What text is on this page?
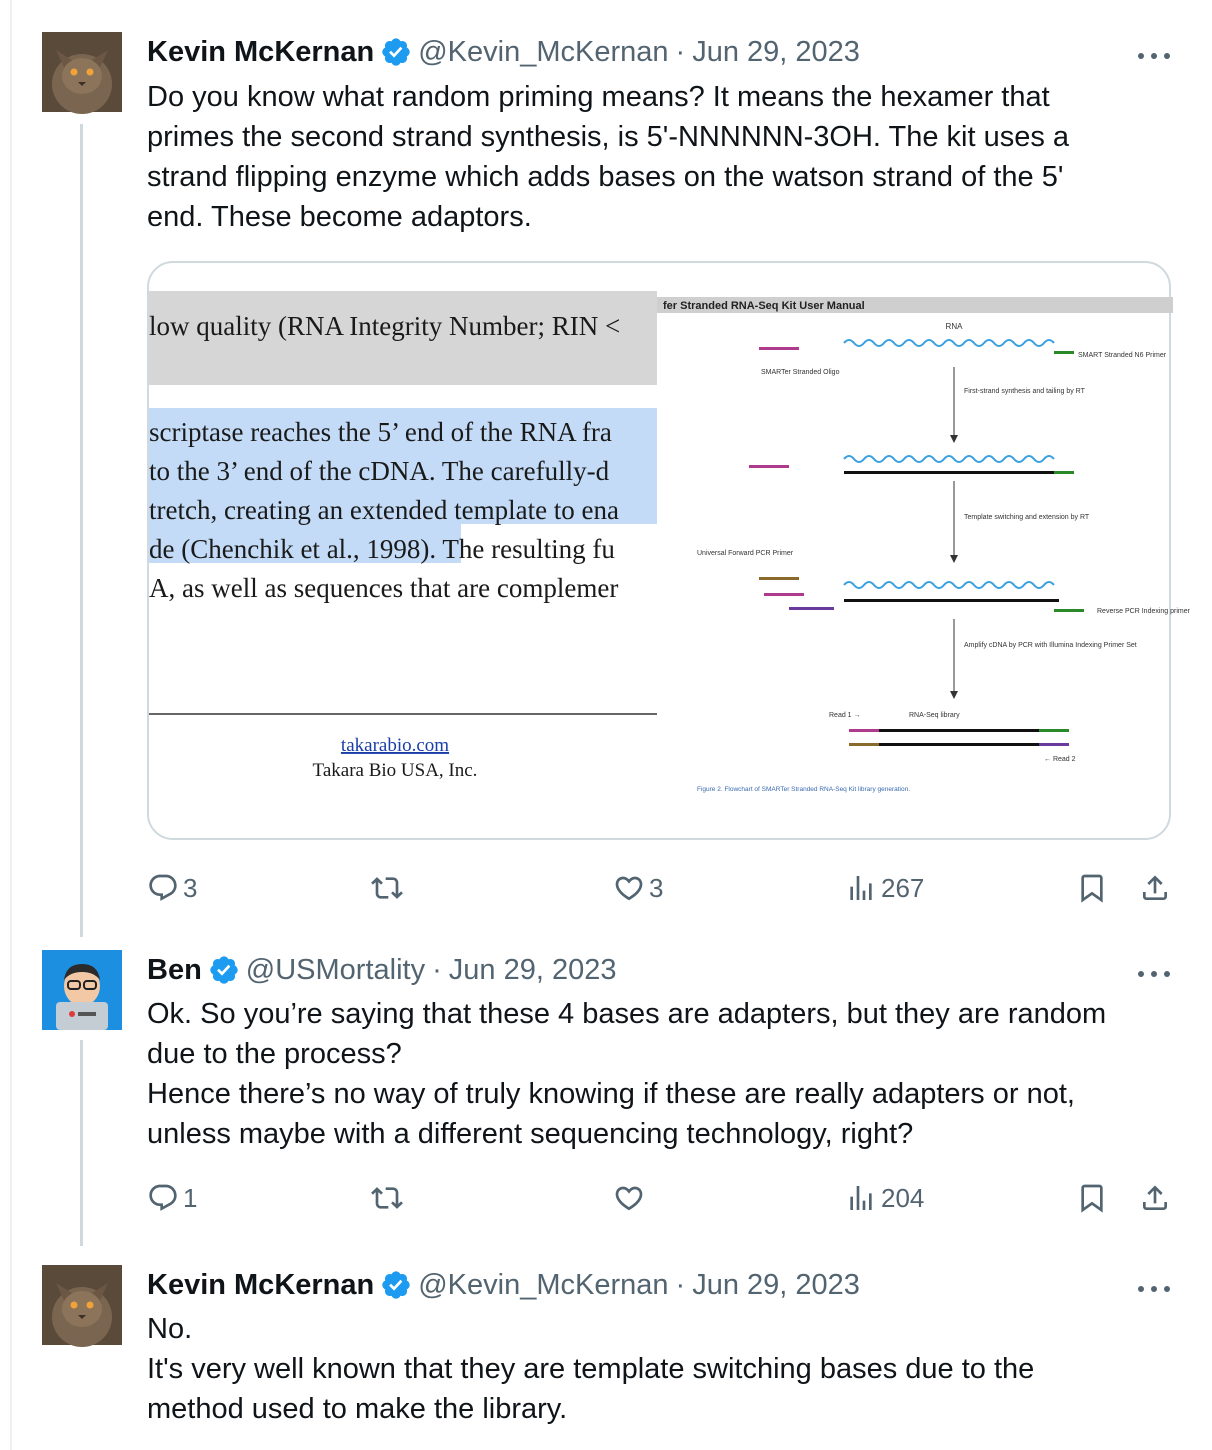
Kevin McKernan @Kevin_McKernan · Jun 29, 2023

Do you know what random priming means? It means the hexamer that

primes the second strand synthesis, is 5'-NNNNNN-3OH. The kit uses a

strand flipping enzyme which adds bases on the watson strand of the 5'

end. These become adaptors.

low quality (RNA Integrity Number; RIN <
scriptase reaches the 5’ end of the RNA fra
to the 3’ end of the cDNA. The carefully-d
tretch, creating an extended template to ena
de (Chenchik et al., 1998). The resulting fu
A, as well as sequences that are complemer
takarabio.com
Takara Bio USA, Inc.
fer Stranded RNA-Seq Kit User Manual
RNA
SMART Stranded N6 Primer
SMARTer Stranded Oligo
First-strand synthesis and tailing by RT
Template switching and extension by RT
Universal Forward PCR Primer
Reverse PCR Indexing primer
Amplify cDNA by PCR with Illumina Indexing Primer Set
Read 1 →	RNA-Seq library
← Read 2
Figure 2. Flowchart of SMARTer Stranded RNA-Seq Kit library generation.
3	3	267
Ben @USMortality · Jun 29, 2023

Ok. So you’re saying that these 4 bases are adapters, but they are random

due to the process?

Hence there’s no way of truly knowing if these are really adapters or not,

unless maybe with a different sequencing technology, right?

1	204
Kevin McKernan @Kevin_McKernan · Jun 29, 2023

No.

It's very well known that they are template switching bases due to the

method used to make the library.
